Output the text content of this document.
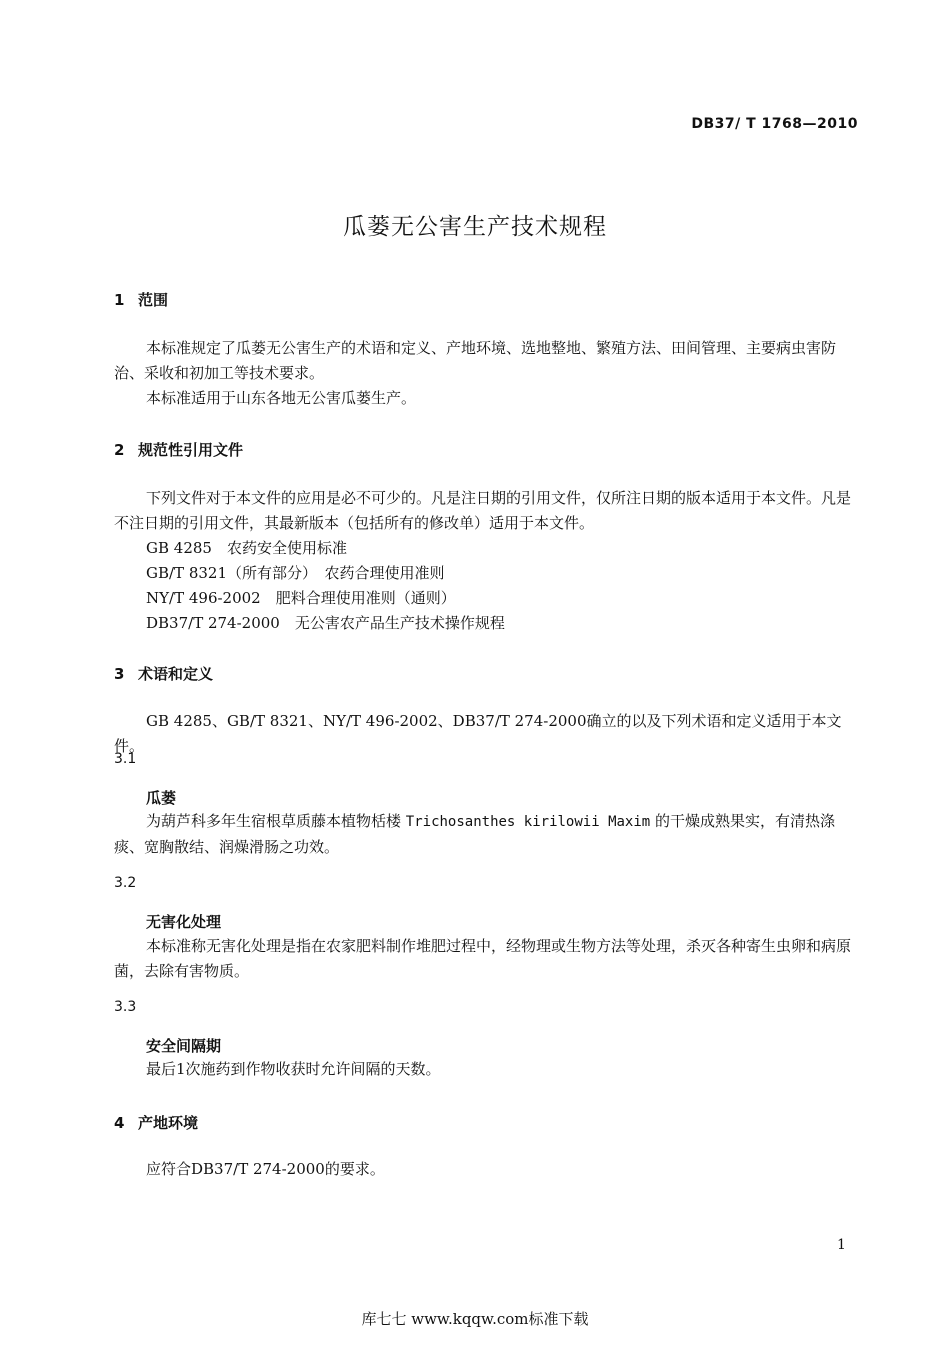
DB37/ T 1768—2010
瓜蒌无公害生产技术规程
1 范围
本标准规定了瓜蒌无公害生产的术语和定义、产地环境、选地整地、繁殖方法、田间管理、主要病虫害防治、采收和初加工等技术要求。
本标准适用于山东各地无公害瓜蒌生产。
2 规范性引用文件
下列文件对于本文件的应用是必不可少的。凡是注日期的引用文件，仅所注日期的版本适用于本文件。凡是不注日期的引用文件，其最新版本（包括所有的修改单）适用于本文件。
GB 4285　农药安全使用标准
GB/T 8321（所有部分）　农药合理使用准则
NY/T 496-2002　肥料合理使用准则（通则）
DB37/T 274-2000　无公害农产品生产技术操作规程
3 术语和定义
GB 4285、GB/T 8321、NY/T 496-2002、DB37/T 274-2000确立的以及下列术语和定义适用于本文件。
3.1
瓜蒌
为葫芦科多年生宿根草质藤本植物栝楼 Trichosanthes kirilowii Maxim 的干燥成熟果实，有清热涤痰、宽胸散结、润燥滑肠之功效。
3.2
无害化处理
本标准称无害化处理是指在农家肥料制作堆肥过程中，经物理或生物方法等处理，杀灭各种寄生虫卵和病原菌，去除有害物质。
3.3
安全间隔期
最后1次施药到作物收获时允许间隔的天数。
4 产地环境
应符合DB37/T 274-2000的要求。
1
库七七 www.kqqw.com标准下载
